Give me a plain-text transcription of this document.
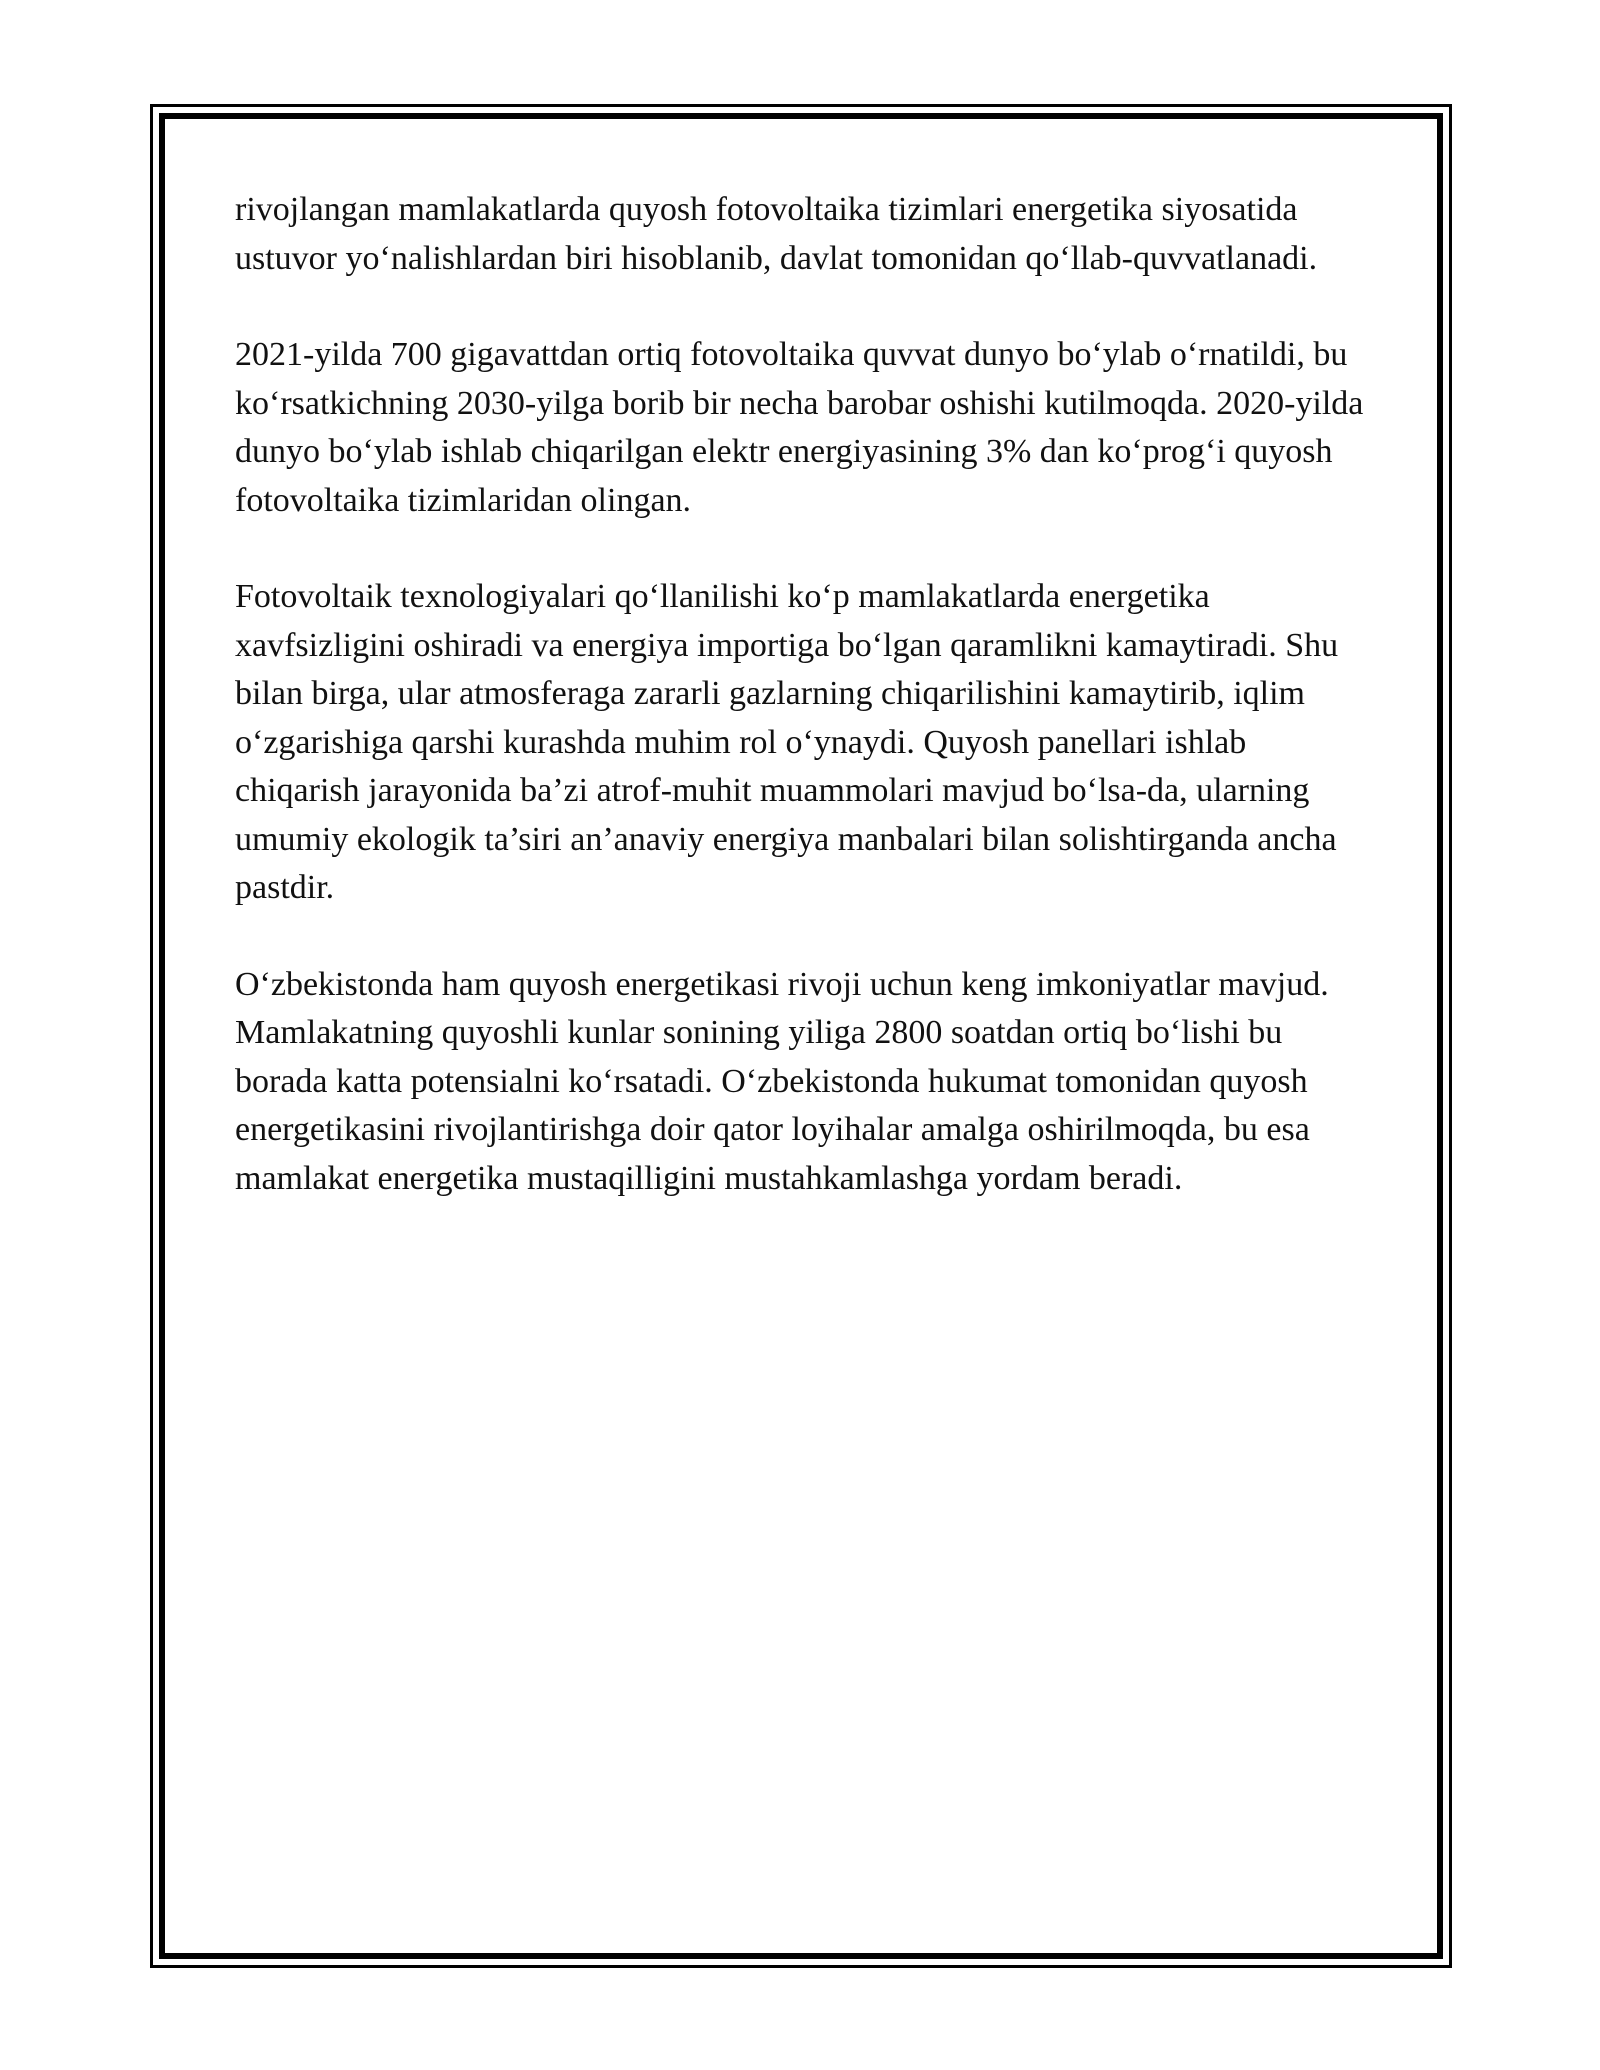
rivojlangan mamlakatlarda quyosh fotovoltaika tizimlari energetika siyosatida ustuvor yo‘nalishlardan biri hisoblanib, davlat tomonidan qo‘llab-quvvatlanadi.

2021-yilda 700 gigavattdan ortiq fotovoltaika quvvat dunyo bo‘ylab o‘rnatildi, bu ko‘rsatkichning 2030-yilga borib bir necha barobar oshishi kutilmoqda. 2020-yilda dunyo bo‘ylab ishlab chiqarilgan elektr energiyasining 3% dan ko‘prog‘i quyosh fotovoltaika tizimlaridan olingan.

Fotovoltaik texnologiyalari qo‘llanilishi ko‘p mamlakatlarda energetika xavfsizligini oshiradi va energiya importiga bo‘lgan qaramlikni kamaytiradi. Shu bilan birga, ular atmosferaga zararli gazlarning chiqarilishini kamaytirib, iqlim o‘zgarishiga qarshi kurashda muhim rol o‘ynaydi. Quyosh panellari ishlab chiqarish jarayonida ba’zi atrof-muhit muammolari mavjud bo‘lsa-da, ularning umumiy ekologik ta’siri an’anaviy energiya manbalari bilan solishtirganda ancha pastdir.

O‘zbekistonda ham quyosh energetikasi rivoji uchun keng imkoniyatlar mavjud. Mamlakatning quyoshli kunlar sonining yiliga 2800 soatdan ortiq bo‘lishi bu borada katta potensialni ko‘rsatadi. O‘zbekistonda hukumat tomonidan quyosh energetikasini rivojlantirishga doir qator loyihalar amalga oshirilmoqda, bu esa mamlakat energetika mustaqilligini mustahkamlashga yordam beradi.
